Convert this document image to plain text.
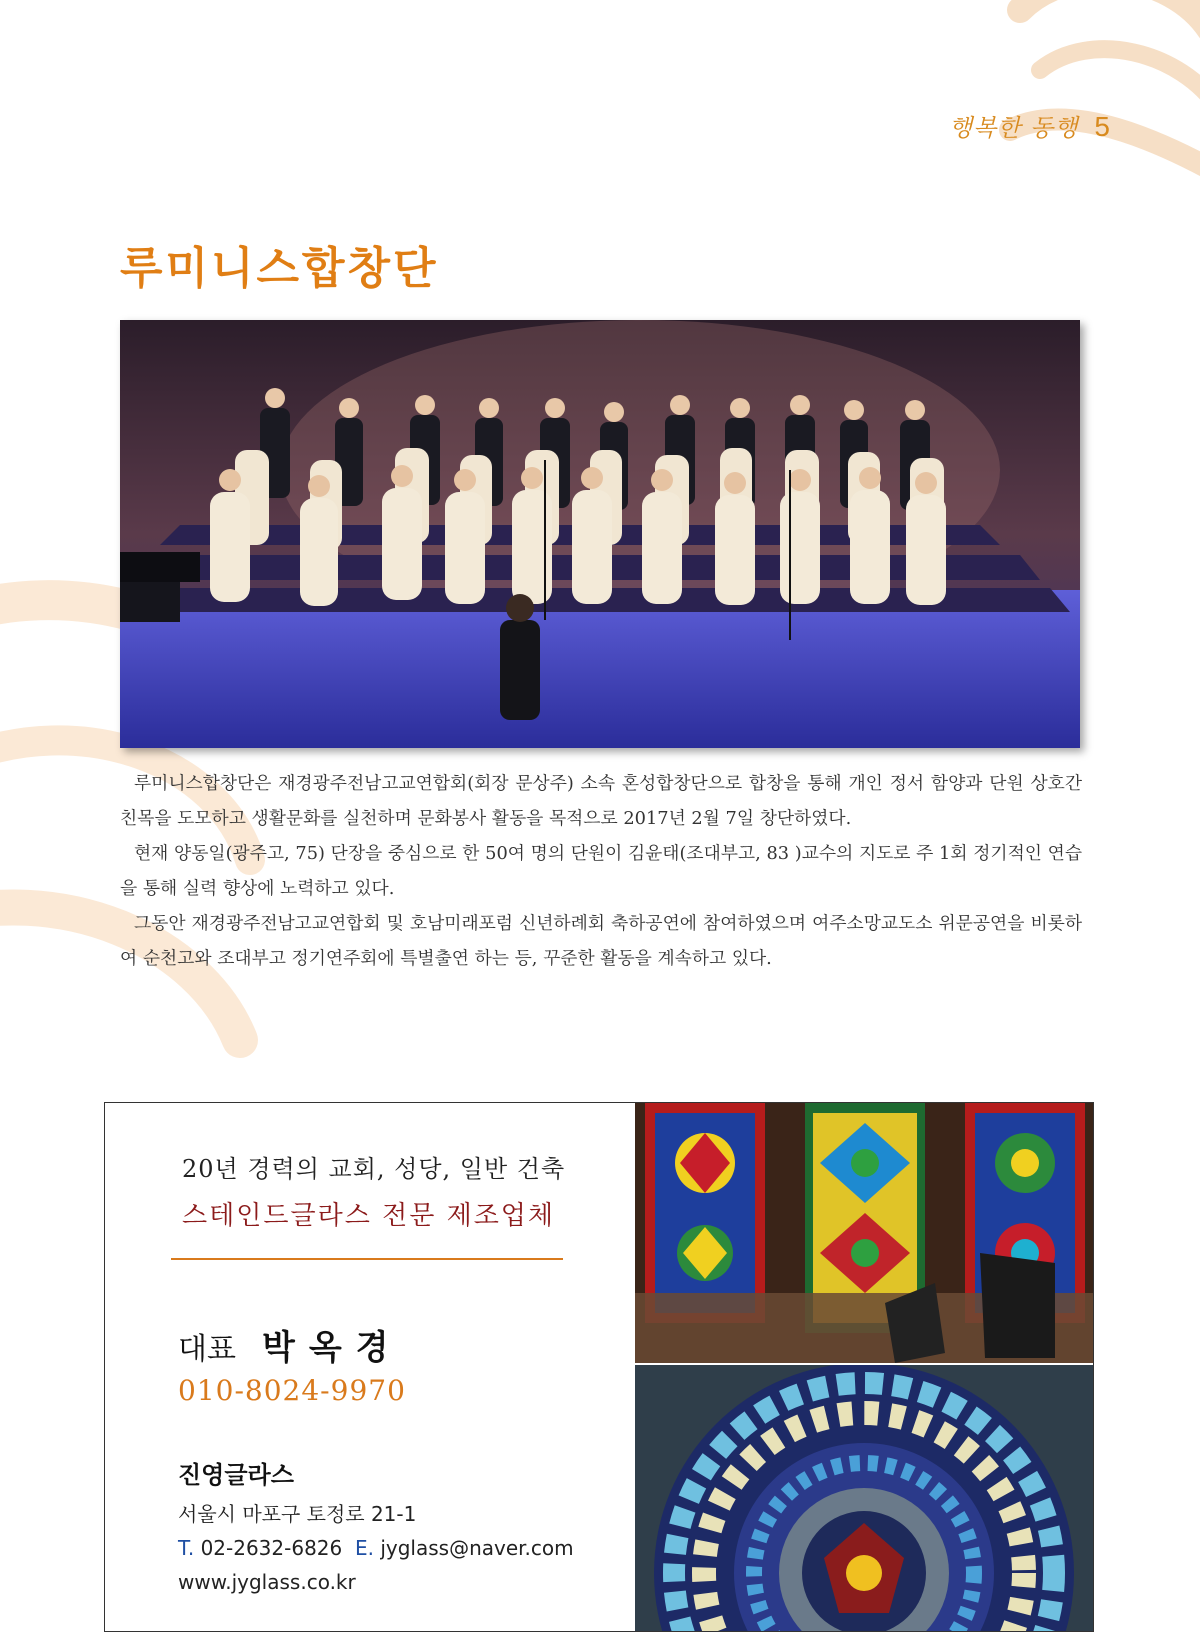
행복한 동행 5
루미니스합창단

루미니스합창단은 재경광주전남고교연합회(회장 문상주) 소속 혼성합창단으로 합창을 통해 개인 정서 함양과 단원 상호간 친목을 도모하고 생활문화를 실천하며 문화봉사 활동을 목적으로 2017년 2월 7일 창단하였다.

현재 양동일(광주고, 75) 단장을 중심으로 한 50여 명의 단원이 김윤태(조대부고, 83 )교수의 지도로 주 1회 정기적인 연습을 통해 실력 향상에 노력하고 있다.

그동안 재경광주전남고교연합회 및 호남미래포럼 신년하례회 축하공연에 참여하였으며 여주소망교도소 위문공연을 비롯하여 순천고와 조대부고 정기연주회에 특별출연 하는 등, 꾸준한 활동을 계속하고 있다.

20년 경력의 교회, 성당, 일반 건축
스테인드글라스 전문 제조업체
대표 박옥경
010-8024-9970
진영글라스
서울시 마포구 토정로 21-1
T. 02-2632-6826 E. jyglass@naver.com
www.jyglass.co.kr
